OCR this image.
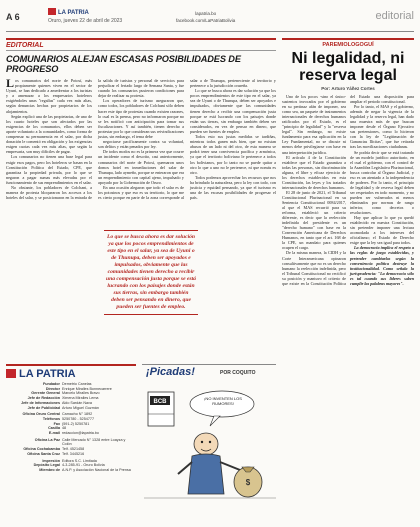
A 6	LA PATRIA
Oruro, jueves 22 de abril de 2023
lapatria.bo
facebook.com/LaPatriaBolivia	editorial
EDITORIAL
COMUNARIOS ALEJAN ESCASAS POSIBILIDADES DE PROGRESO

Los comunarios del norte de Potosí, más propiamente quienes viven en el sector de Uyuni, se han dedicado a amedrentar a los turistas y a amenazar a los empresarios hoteleros exigiéndoles unas "regalías" cada vez más altas, según denuncias hechas por propietarios de los alojamientos.

Según explicó una de las propietarias, de uno de los cuarto hoteles que son afectados por las exigencias de los comunarios, ellos deben ser aporte voluntario a la comunidades, como forma de compensar su permanencia en el salar, por dicha donación le comentó en obligación y los exigencias exigen cuotas cada vez más altas, que según la empresaria, son muy difíciles de pagar.

Los comunarios no tienen una base legal para exigir esos pagos, pero los hoteleros se basan en la Constitución Política del Estado, CPE, que garantiza la propiedad privada, por lo que se negaron a pagar sumas más elevadas por el funcionamiento de sus emprendimientos en el salar.

No obstante, los pobladores de Colchani, a manera de protesta bloquearon los accesos a los hoteles del salar, y se posicionaron en la entrada de la salida de turistas y personal de servicios para perjudicar el feriado largo de Semana Santa, y fue cuando los comunarios pusieron condiciones para dejar de realizar su protesta.

Los operadores de turismo aseguraron que, como todos, los pobladores de Colchani sólo deben hacer este tipo de protestas cuando existen razones, lo cual es la prensa, pero no informaron porque no se les notificó con anticipación para tomar sus fiscalizaciones. Y así también, tienen derecho a protestar por lo que consideran sus reivindicaciones justas, sin embargo, el tema debe

negociarse pacíficamente contra su voluntad, son delitos y están penados por ley.

De todos modos no es la primera vez que ocurre un incidente como el descrito, casi anteriormente, comunarios del norte de Potosí, quemaron unos domos hotel en inmediaciones del salar de Thunupa, lado aymeño, porque se enteraron que era un emprendimiento con capital ajeno, impulsado y apoyado por la Gobernación de Oruro.

En una ocasión alegaron que todo el salar es de los potosinos y que eso es su territorio, lo que me es cierto porque en parte de la zona corresponde al salar a de Thunupa, perteneciente al territorio y pertenece a la jurisdicción orureña.

Lo que se busca ahora es dar solución ya que los pocos emprendimientos de este tipo en el salar, ya sea de Uyuni o de Thunupa, deben ser apoyados e impulsados, obviamente que las comunidades tienen derecho a recibir una compensación justa porque se está lucrando con los paisajes donde están sus tierras, sin embargo también deben ser considerados, en vez de pensar en dinero, que pueden ser fuentes de empleo.

Todos esto sus justas medidas se tardiñas, mientras todos ganen más bien, que no existan abusos de un lado ni del otro, de esta manera se podrá tener una convivencia pacífica y armónica, ya que el territorio boliviano le pertenece a todos los bolivianos, por lo tanto no se puede quitar a otro lo que a uno no le pertenece, ni que nomás es otro.

Todos podemos aprovechar los recursos que nos ha brindado la naturaleza, pero la ley con todo, con justicia y equidad pensando, ya que el turismo es una de las escasas posibilidades de progresar el país.

Lo que se busca ahora es dar solución ya que los pocos emprendimientos de este tipo en el salar, ya sea de Uyuni o de Thunupa, deben ser apoyados e impulsados, obviamente que las comunidades tienen derecho a recibir una compensación justa porque se está lucrando con los paisajes donde están sus tierras, sin embargo también deben ser pensando en dinero, que pueden ser fuentes de empleo.
PAREMIOLOGOGUÍ
Ni legalidad, ni reserva legal
Por: Arturo Yáñez Cortes

Uno de los pocos -sino el único- sustentos invocados por el gobierno en su pertinaz afán de imponer, sea como sea, un paquete de instrumentos internacionales de derechos humanos ratificados por el Estado, es el "principio de legalidad" y la "reserva legal". Sin embargo, no existe fundamento para esa aplicación en la Ley Fundamental, no se discute ni menos debe privilegiarse con base en una interpretación jurídica.

El artículo 4 de la Constitución establece que el Estado garantiza a todas las personas, sin discriminación alguna, el libre y eficaz ejercicio de los derechos establecidos en esta Constitución, las leyes y los tratados internacionales de derechos humanos.

El 28 de junio de 2021, el Tribunal Constitucional Plurinacional en su Sentencia Constitucional 0084/2017, al que el MAS recurrió para su reforma, estableció un criterio diferente, es decir que la reelección indefinida del presidente es un "derecho humano" con base en la Convención Americana de Derechos Humanos, en tanto que el art. 168 de la CPE, un mandato para quienes ocupen el cargo.

De la misma manera, la CIDH y la Corte Interamericana opinaron consultivamente que no es un derecho humano la reelección indefinida, pero el Tribunal Constitucional no rectificó su posición y mantuvo el criterio de que existe en la Constitución Política del Estado una disposición para ampliar el periodo constitucional.

Por lo tanto, el MAS y el gobierno, además de negar la vigencia de la legalidad y la reserva legal, han dado una muestra más de que buscan imponer desde el Órgano Ejecutivo sus pretensiones, como lo hicieron con la ley de "Legitimación de Ganancias Ilícitas", que fue retirada tras las movilizaciones ciudadanas.

Se podría decir que se está tratando de un modelo jurídico autoritario, en el cual el gobierno, con el control de la Asamblea Legislativa Plurinacional, busca controlar al Órgano Judicial, y eso es un atentado a la independencia de poderes. Por lo tanto, el principio de legalidad y de reserva legal deben ser respetados en todo momento, y no pueden ser vulnerados ni menos eliminados por normas de rango inferior, como decretos o resoluciones.

Hay que aplicar lo que ya quedó establecido en nuestra Constitución, sin pretender imponer una lectura acomodada a los intereses del oficialismo; el Estado de Derecho exige que la ley sea igual para todos.

La democracia implica el respeto a las reglas de juego establecidas, y pretender cambiarlas según la conveniencia política destruye la institucionalidad. Como señala la jurisprudencia: "La democracia sólo es tal cuando sus líderes saben cumplir las palabras mayores".

LA PATRIA
Fundador Demetrio Canelas
Director Enrique Miralles Bonnecarrere
Gerente General Marcelo Miralles Bravo
Jefe de Redacción Ximena Miralles Lema
Jefe de Informaciones Aldo Sardán Nava
Jefe de Publicidad Arturo Miguel Guzmán
Oficina Oruro Central Camacho N° 1892
Teléfonos 5250780 - 5254777
Fax (591-2) 5250781
Casilla 48
E-mail redaccion@lapatria.bo
Oficina La Paz Calle Mercado N° 1328 entre Loayza y Colón
Oficina Cochabamba Telf. 4521458
Oficina Santa Cruz Telf. 3445216
Impresión Editora S.C. Limitada
Depósito Legal 4-3-285-91 - Oruro Bolivia
Miembro de A.N.P. y Asociación Nacional de la Prensa
¡Picadas!	POR COQUITO
BCB
$
¡NO INVENTEN LOS RUMORES!
